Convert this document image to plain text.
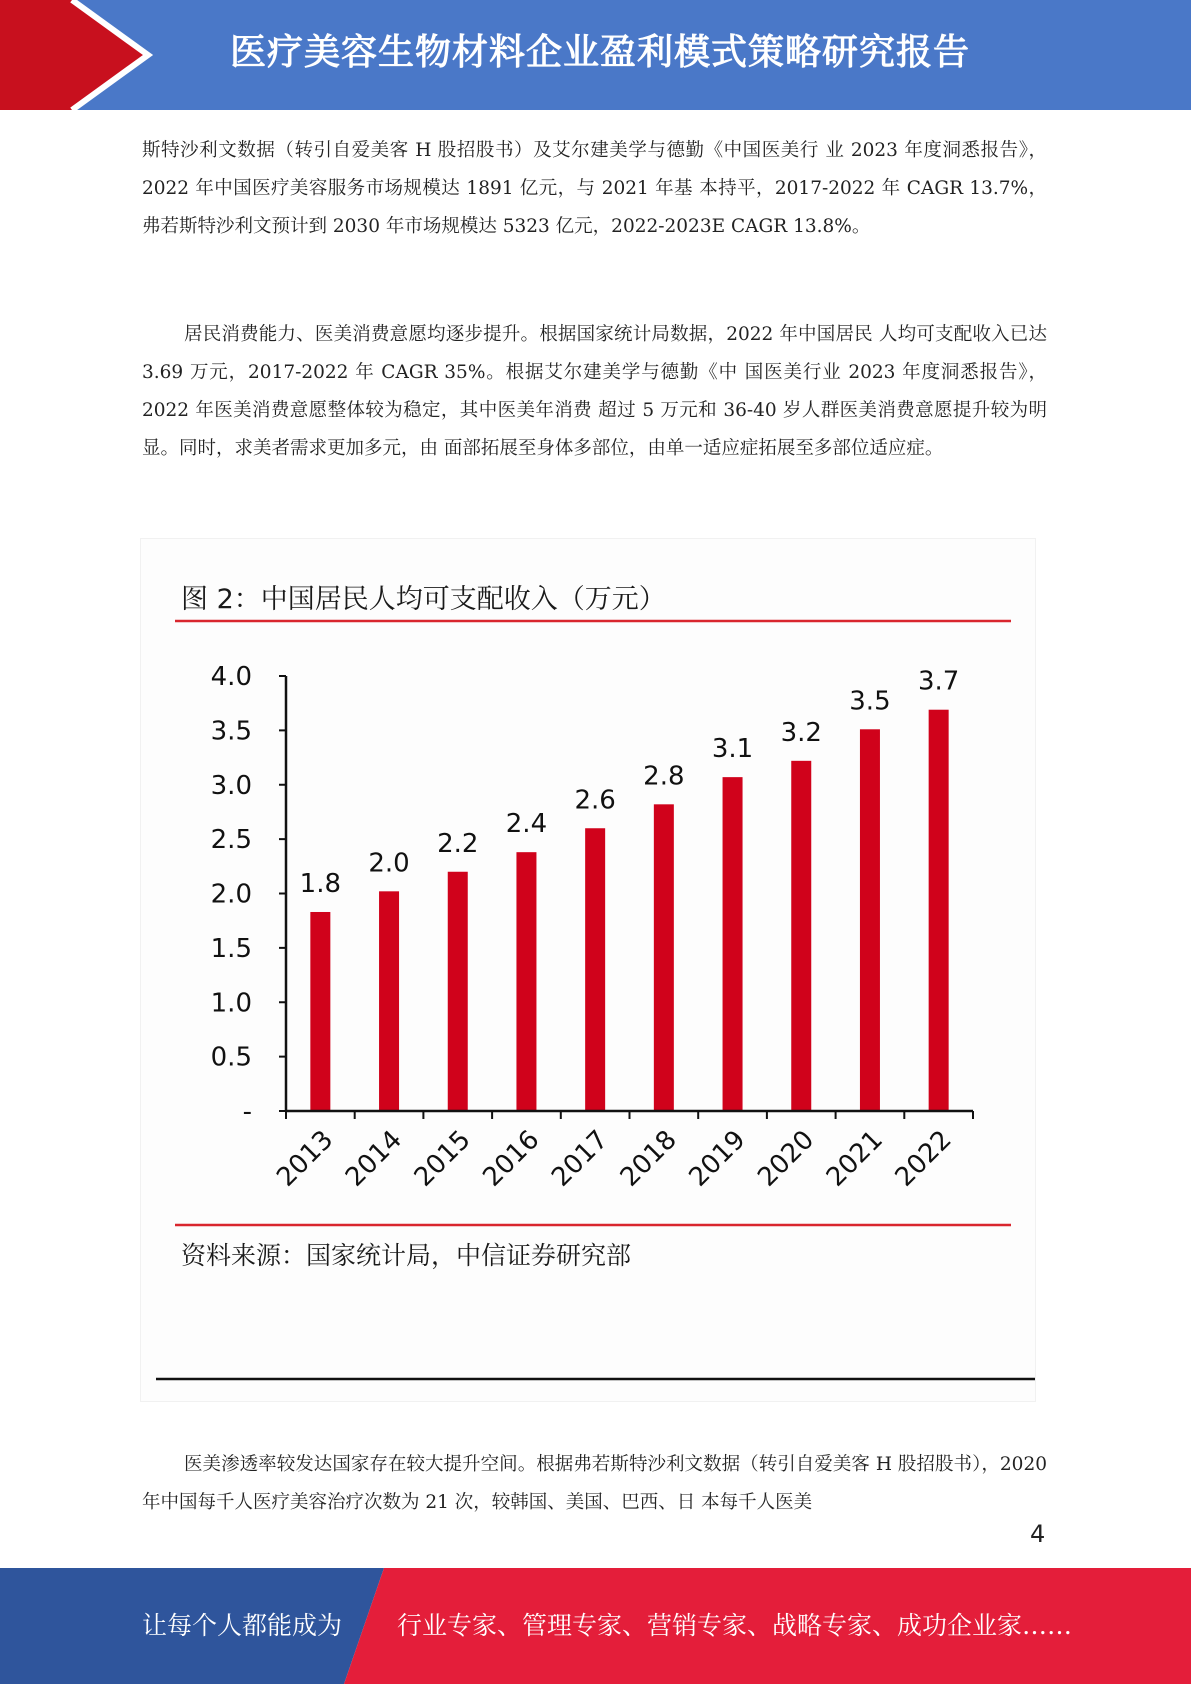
医疗美容生物材料企业盈利模式策略研究报告

斯特沙利文数据（转引自爱美客 H 股招股书）及艾尔建美学与德勤《中国医美行 业 2023 年度洞悉报告》，2022 年中国医疗美容服务市场规模达 1891 亿元，与 2021 年基 本持平，2017-2022 年 CAGR 13.7%，弗若斯特沙利文预计到 2030 年市场规模达 5323 亿元，2022-2023E CAGR 13.8%。

居民消费能力、医美消费意愿均逐步提升。根据国家统计局数据，2022 年中国居民 人均可支配收入已达 3.69 万元，2017-2022 年 CAGR 35%。根据艾尔建美学与德勤《中 国医美行业 2023 年度洞悉报告》，2022 年医美消费意愿整体较为稳定，其中医美年消费 超过 5 万元和 36-40 岁人群医美消费意愿提升较为明显。同时，求美者需求更加多元，由 面部拓展至身体多部位，由单一适应症拓展至多部位适应症。

图 2：中国居民人均可支配收入（万元）
-
0.5
1.0
1.5
2.0
2.5
3.0
3.5
4.0
1.8
2.0
2.2
2.4
2.6
2.8
3.1
3.2
3.5
3.7
2013 2014 2015 2016 2017 2018 2019 2020 2021 2022
资料来源：国家统计局，中信证券研究部

医美渗透率较发达国家存在较大提升空间。根据弗若斯特沙利文数据（转引自爱美客 H 股招股书），2020 年中国每千人医疗美容治疗次数为 21 次，较韩国、美国、巴西、日 本每千人医美

4
让每个人都能成为 行业专家、管理专家、营销专家、战略专家、成功企业家……
